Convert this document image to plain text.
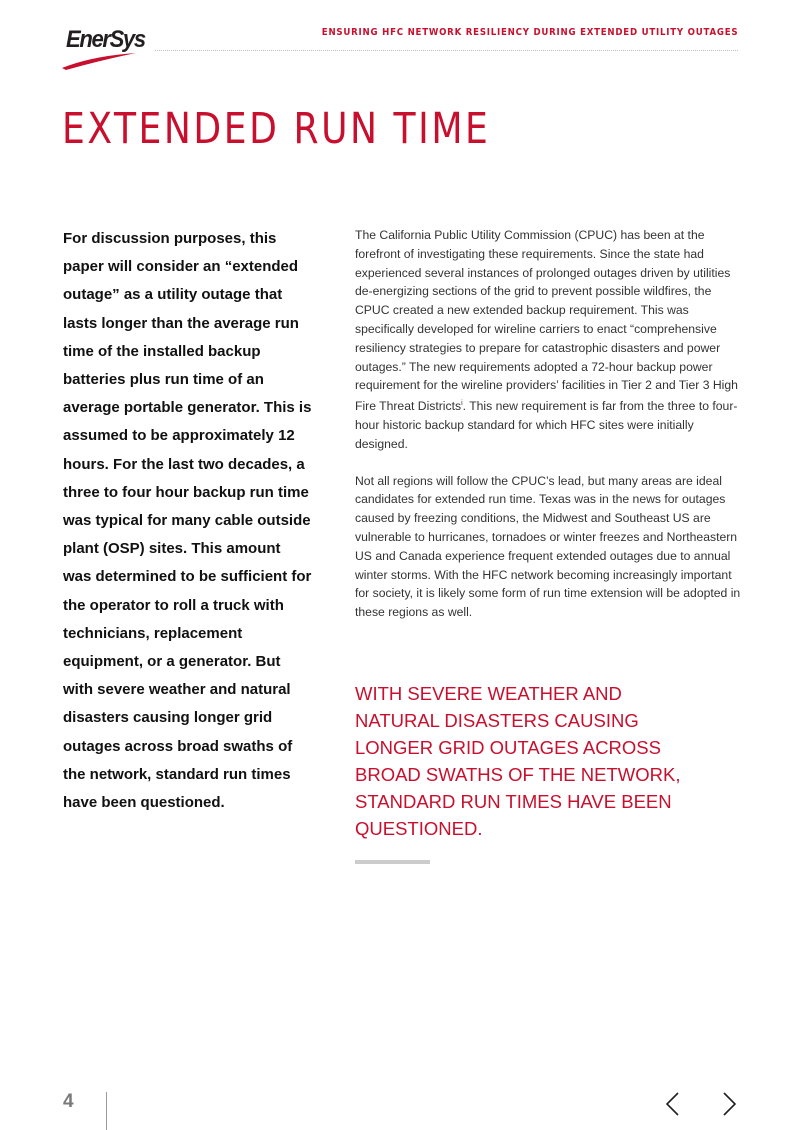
EnerSys	ENSURING HFC NETWORK RESILIENCY DURING EXTENDED UTILITY OUTAGES
EXTENDED RUN TIME

For discussion purposes, this paper will consider an “extended outage” as a utility outage that lasts longer than the average run time of the installed backup batteries plus run time of an average portable generator. This is assumed to be approximately 12 hours. For the last two decades, a three to four hour backup run time was typical for many cable outside plant (OSP) sites. This amount was determined to be sufficient for the operator to roll a truck with technicians, replacement equipment, or a generator. But with severe weather and natural disasters causing longer grid outages across broad swaths of the network, standard run times have been questioned.

The California Public Utility Commission (CPUC) has been at the forefront of investigating these requirements. Since the state had experienced several instances of prolonged outages driven by utilities de-energizing sections of the grid to prevent possible wildfires, the CPUC created a new extended backup requirement. This was specifically developed for wireline carriers to enact “comprehensive resiliency strategies to prepare for catastrophic disasters and power outages.” The new requirements adopted a 72-hour backup power requirement for the wireline providers’ facilities in Tier 2 and Tier 3 High Fire Threat Districts$^i$. This new requirement is far from the three to four-hour historic backup standard for which HFC sites were initially designed.

Not all regions will follow the CPUC’s lead, but many areas are ideal candidates for extended run time. Texas was in the news for outages caused by freezing conditions, the Midwest and Southeast US are vulnerable to hurricanes, tornadoes or winter freezes and Northeastern US and Canada experience frequent extended outages due to annual winter storms. With the HFC network becoming increasingly important for society, it is likely some form of run time extension will be adopted in these regions as well.

WITH SEVERE WEATHER AND NATURAL DISASTERS CAUSING LONGER GRID OUTAGES ACROSS BROAD SWATHS OF THE NETWORK, STANDARD RUN TIMES HAVE BEEN QUESTIONED.

4
